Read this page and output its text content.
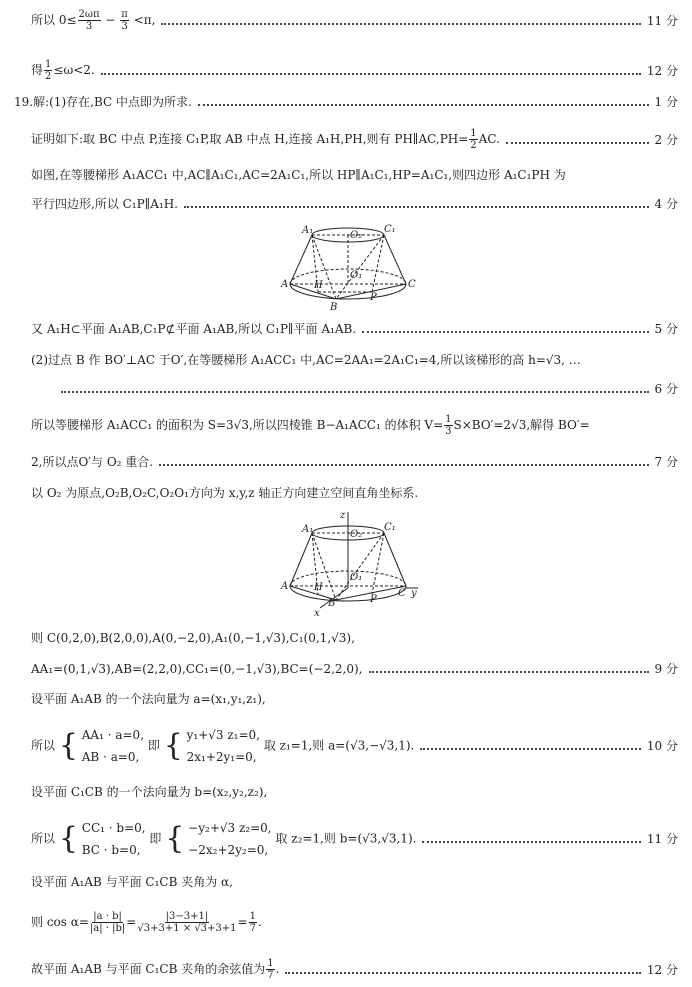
所以 $0\le \frac{2\omega\pi}{3} - \frac{\pi}{3} <\pi$,	11 分
得 $\frac{1}{2} \le\omega<2$.	12 分
19.解:(1)存在,BC 中点即为所求.	1 分
证明如下:取 BC 中点 P,连接 C₁P,取 AB 中点 H,连接 A₁H,PH,则有 PH∥AC,PH= $\frac{1}{2}$ AC.	2 分
如图,在等腰梯形 A₁ACC₁ 中,AC∥A₁C₁,AC=2A₁C₁,所以 HP∥A₁C₁,HP=A₁C₁,则四边形 A₁C₁PH 为
平行四边形,所以 C₁P∥A₁H.	4 分
A₁	O₂
C₁
O₁
A	H	C
P
B
又 A₁H⊂平面 A₁AB,C₁P⊄平面 A₁AB,所以 C₁P∥平面 A₁AB.	5 分
(2)过点 B 作 BO′⊥AC 于O′,在等腰梯形 A₁ACC₁ 中,AC=2AA₁=2A₁C₁=4,所以该梯形的高 h=√3, …
6 分
所以等腰梯形 A₁ACC₁ 的面积为 S=3√3,所以四棱锥 B−A₁ACC₁ 的体积 $V= \frac{1}{3} S\times BO'=2√3$,解得 BO′=
2,所以点O′与 O₂ 重合.	7 分
以 O₂ 为原点,O₂B,O₂C,O₂O₁方向为 x,y,z 轴正方向建立空间直角坐标系.
z
A₁	O₂
C₁
O₁
A	H
C y
B	P
x
则 C(0,2,0),B(2,0,0),A(0,−2,0),A₁(0,−1,√3),C₁(0,1,√3),
AA₁=(0,1,√3),AB=(2,2,0),CC₁=(0,−1,√3),BC=(−2,2,0),	9 分
设平面 A₁AB 的一个法向量为 a=(x₁,y₁,z₁),
所以 { AA₁ · a=0,
AB · a=0,
即 { y₁+√3 z₁=0,
2x₁+2y₁=0,
取 z₁=1,则 a=(√3,−√3,1).	10 分
设平面 C₁CB 的一个法向量为 b=(x₂,y₂,z₂),
所以 { CC₁ · b=0,
BC · b=0,
即 { −y₂+√3 z₂=0,
−2x₂+2y₂=0,
取 z₂=1,则 b=(√3,√3,1).	11 分
设平面 A₁AB 与平面 C₁CB 夹角为 α,
则 $\cos \alpha= \frac{|a \cdot b|}{|a| \cdot |b|} = \frac{|3-3+1|}{√3+3+1 \times √3+3+1} = \frac{1}{7}$ .
故平面 A₁AB 与平面 C₁CB 夹角的余弦值为 $\frac{1}{7}$ .	12 分
